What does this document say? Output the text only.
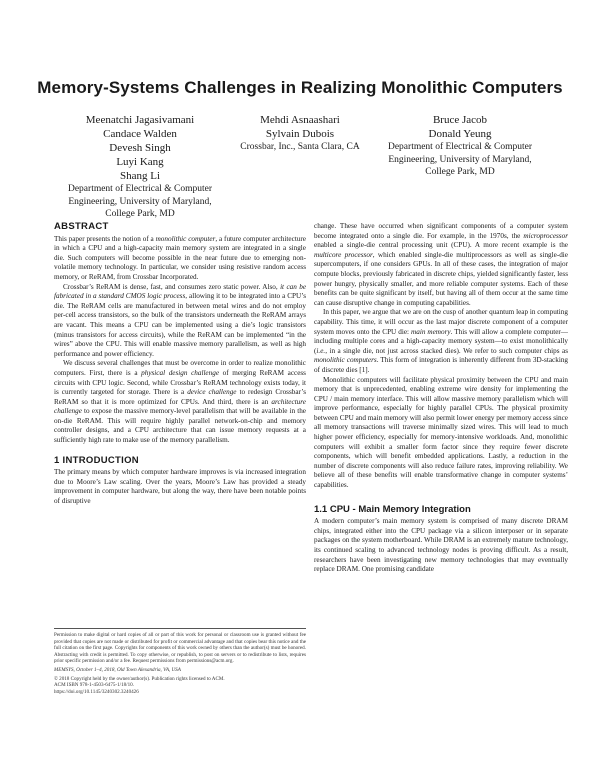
Memory-Systems Challenges in Realizing Monolithic Computers
Meenatchi Jagasivamani
Candace Walden
Devesh Singh
Luyi Kang
Shang Li
Department of Electrical & Computer
Engineering, University of Maryland,
College Park, MD
Mehdi Asnaashari
Sylvain Dubois
Crossbar, Inc., Santa Clara, CA
Bruce Jacob
Donald Yeung
Department of Electrical & Computer
Engineering, University of Maryland,
College Park, MD
ABSTRACT

This paper presents the notion of a monolithic computer, a future computer architecture in which a CPU and a high-capacity main memory system are integrated in a single die. Such computers will become possible in the near future due to emerging non-volatile memory technology. In particular, we consider using resistive random access memory, or ReRAM, from Crossbar Incorporated.

Crossbar’s ReRAM is dense, fast, and consumes zero static power. Also, it can be fabricated in a standard CMOS logic process, allowing it to be integrated into a CPU’s die. The ReRAM cells are manufactured in between metal wires and do not employ per-cell access transistors, so the bulk of the transistors underneath the ReRAM arrays are vacant. This means a CPU can be implemented using a die’s logic transistors (minus transistors for access circuits), while the ReRAM can be implemented “in the wires” above the CPU. This will enable massive memory parallelism, as well as high performance and power efficiency.

We discuss several challenges that must be overcome in order to realize monolithic computers. First, there is a physical design challenge of merging ReRAM access circuits with CPU logic. Second, while Crossbar’s ReRAM technology exists today, it is currently targeted for storage. There is a device challenge to redesign Crossbar’s ReRAM so that it is more optimized for CPUs. And third, there is an architecture challenge to expose the massive memory-level parallelism that will be available in the on-die ReRAM. This will require highly parallel network-on-chip and memory controller designs, and a CPU architecture that can issue memory requests at a sufficiently high rate to make use of the memory parallelism.

1 INTRODUCTION

The primary means by which computer hardware improves is via increased integration due to Moore’s Law scaling. Over the years, Moore’s Law has provided a steady improvement in computer hardware, but along the way, there have been notable points of disruptive

Permission to make digital or hard copies of all or part of this work for personal or classroom use is granted without fee provided that copies are not made or distributed for profit or commercial advantage and that copies bear this notice and the full citation on the first page. Copyrights for components of this work owned by others than the author(s) must be honored. Abstracting with credit is permitted. To copy otherwise, or republish, to post on servers or to redistribute to lists, requires prior specific permission and/or a fee. Request permissions from permissions@acm.org.

MEMSYS, October 1–4, 2018, Old Town Alexandria, VA, USA

© 2018 Copyright held by the owner/author(s). Publication rights licensed to ACM.
ACM ISBN 978-1-4503-6475-1/18/10.
https://doi.org/10.1145/3240302.3240426

change. These have occurred when significant components of a computer system become integrated onto a single die. For example, in the 1970s, the microprocessor enabled a single-die central processing unit (CPU). A more recent example is the multicore processor, which enabled single-die multiprocessors as well as single-die supercomputers, if one considers GPUs. In all of these cases, the integration of major compute blocks, previously fabricated in discrete chips, yielded significantly faster, less power hungry, physically smaller, and more reliable computer systems. Each of these benefits can be quite significant by itself, but having all of them occur at the same time can cause disruptive change in computing capabilities.

In this paper, we argue that we are on the cusp of another quantum leap in computing capability. This time, it will occur as the last major discrete component of a computer system moves onto the CPU die: main memory. This will allow a complete computer—including multiple cores and a high-capacity memory system—to exist monolithically (i.e., in a single die, not just across stacked dies). We refer to such computer chips as monolithic computers. This form of integration is inherently different from 3D-stacking of discrete dies [1].

Monolithic computers will facilitate physical proximity between the CPU and main memory that is unprecedented, enabling extreme wire density for implementing the CPU / main memory interface. This will allow massive memory parallelism which will improve performance, especially for highly parallel CPUs. The physical proximity between CPU and main memory will also permit lower energy per memory access since all memory transactions will traverse minimally sized wires. This will lead to much higher power efficiency, especially for memory-intensive workloads. And, monolithic computers will exhibit a smaller form factor since they require fewer discrete components, which will benefit embedded applications. Lastly, a reduction in the number of discrete components will also reduce failure rates, improving reliability. We believe all of these benefits will enable transformative change in computer systems’ capabilities.

1.1 CPU - Main Memory Integration

A modern computer’s main memory system is comprised of many discrete DRAM chips, integrated either into the CPU package via a silicon interposer or in separate packages on the system motherboard. While DRAM is an extremely mature technology, its continued scaling to advanced technology nodes is proving difficult. As a result, researchers have been investigating new memory technologies that may eventually replace DRAM. One promising candidate
